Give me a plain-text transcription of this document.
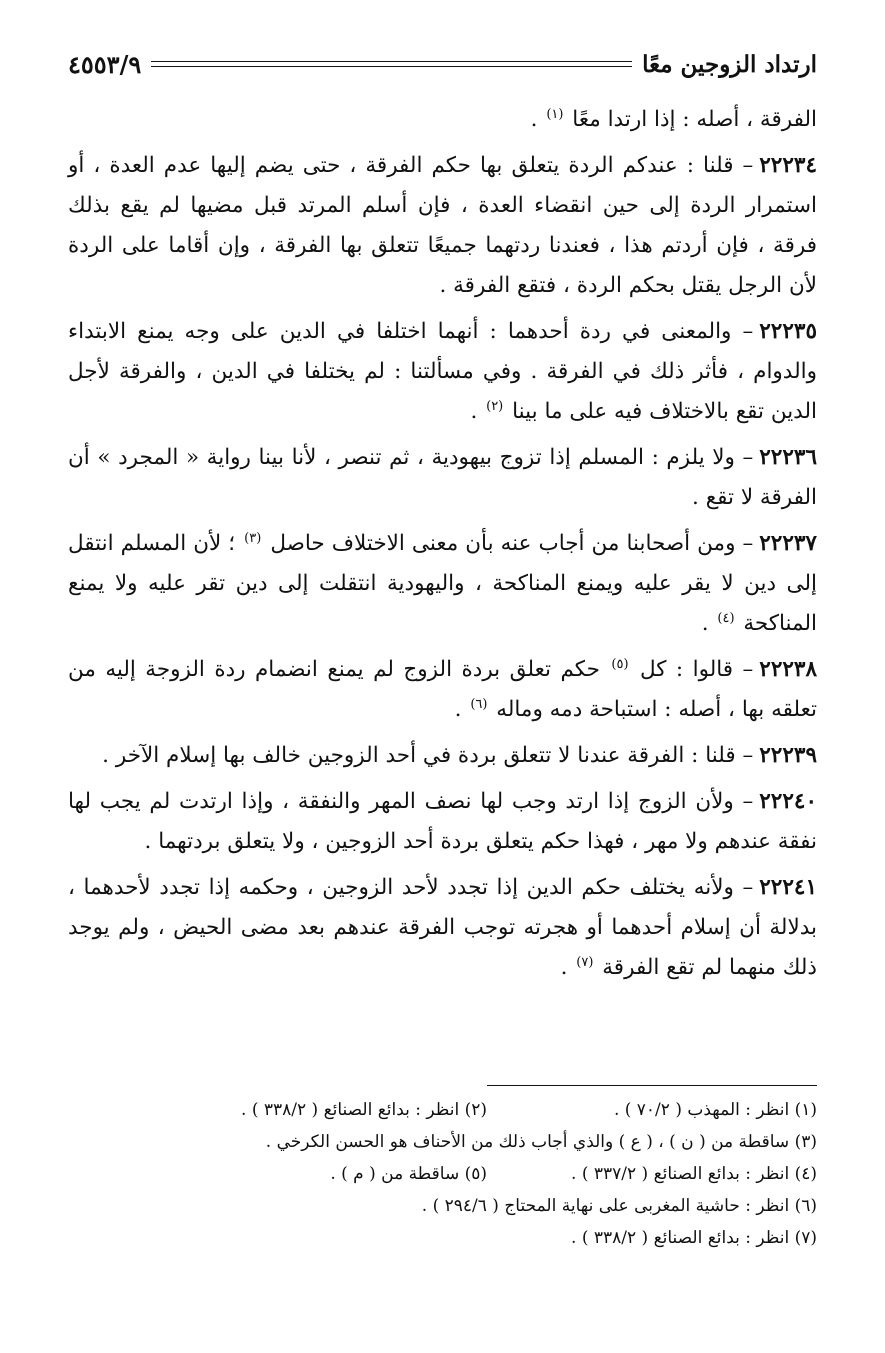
ارتداد الزوجين معًا
٤٥٥٣/٩

الفرقة ، أصله : إذا ارتدا معًا $^{(١)}$ .

٢٢٢٣٤– قلنا : عندكم الردة يتعلق بها حكم الفرقة ، حتى يضم إليها عدم العدة ، أو استمرار الردة إلى حين انقضاء العدة ، فإن أسلم المرتد قبل مضيها لم يقع بذلك فرقة ، فإن أردتم هذا ، فعندنا ردتهما جميعًا تتعلق بها الفرقة ، وإن أقاما على الردة لأن الرجل يقتل بحكم الردة ، فتقع الفرقة .

٢٢٢٣٥– والمعنى في ردة أحدهما : أنهما اختلفا في الدين على وجه يمنع الابتداء والدوام ، فأثر ذلك في الفرقة . وفي مسألتنا : لم يختلفا في الدين ، والفرقة لأجل الدين تقع بالاختلاف فيه على ما بينا $^{(٢)}$ .

٢٢٢٣٦– ولا يلزم : المسلم إذا تزوج بيهودية ، ثم تنصر ، لأنا بينا رواية « المجرد » أن الفرقة لا تقع .

٢٢٢٣٧– ومن أصحابنا من أجاب عنه بأن معنى الاختلاف حاصل $^{(٣)}$ ؛ لأن المسلم انتقل إلى دين لا يقر عليه ويمنع المناكحة ، واليهودية انتقلت إلى دين تقر عليه ولا يمنع المناكحة $^{(٤)}$ .

٢٢٢٣٨– قالوا : كل $^{(٥)}$ حكم تعلق بردة الزوج لم يمنع انضمام ردة الزوجة إليه من تعلقه بها ، أصله : استباحة دمه وماله $^{(٦)}$ .

٢٢٢٣٩– قلنا : الفرقة عندنا لا تتعلق بردة في أحد الزوجين خالف بها إسلام الآخر .

٢٢٢٤٠– ولأن الزوج إذا ارتد وجب لها نصف المهر والنفقة ، وإذا ارتدت لم يجب لها نفقة عندهم ولا مهر ، فهذا حكم يتعلق بردة أحد الزوجين ، ولا يتعلق بردتهما .

٢٢٢٤١– ولأنه يختلف حكم الدين إذا تجدد لأحد الزوجين ، وحكمه إذا تجدد لأحدهما ، بدلالة أن إسلام أحدهما أو هجرته توجب الفرقة عندهم بعد مضى الحيض ، ولم يوجد ذلك منهما لم تقع الفرقة $^{(٧)}$ .

(١) انظر : المهذب ( ٧٠/٢ ) .
(٢) انظر : بدائع الصنائع ( ٣٣٨/٢ ) .
(٣) ساقطة من ( ن ) ، ( ع ) والذي أجاب ذلك من الأحناف هو الحسن الكرخي .
(٤) انظر : بدائع الصنائع ( ٣٣٧/٢ ) .
(٥) ساقطة من ( م ) .
(٦) انظر : حاشية المغربى على نهاية المحتاج ( ٢٩٤/٦ ) .
(٧) انظر : بدائع الصنائع ( ٣٣٨/٢ ) .
